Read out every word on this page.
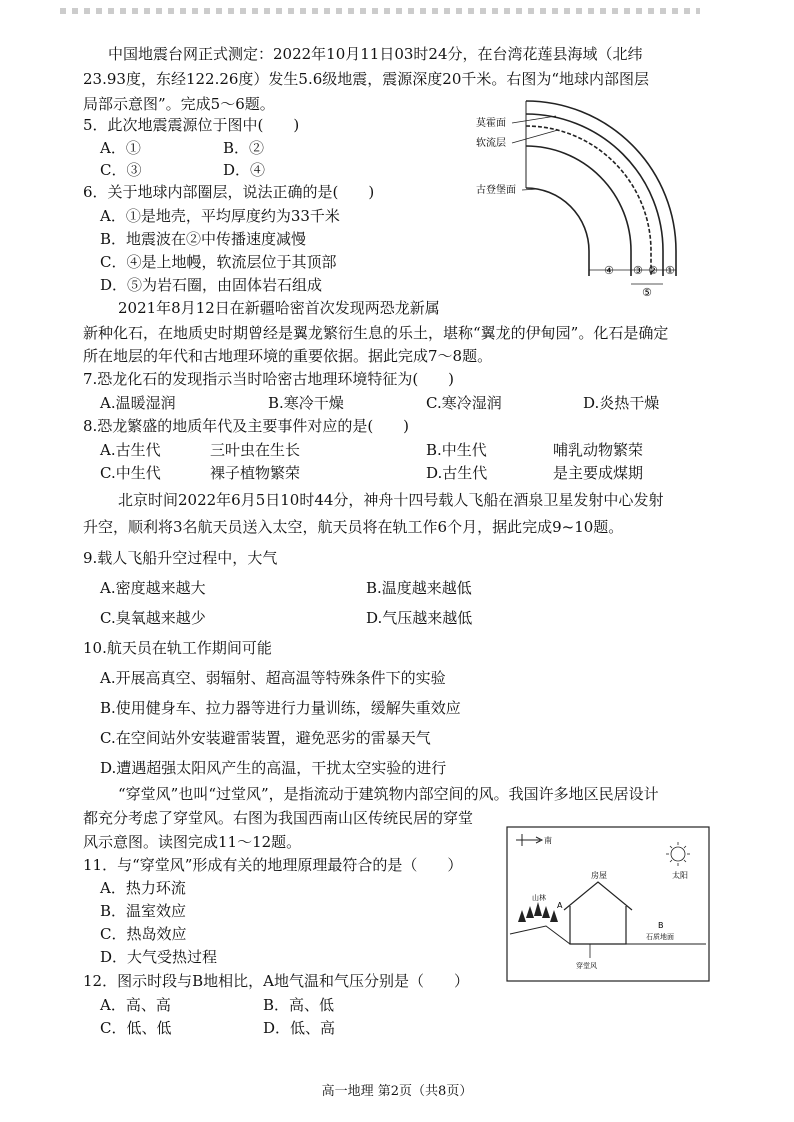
中国地震台网正式测定：2022年10月11日03时24分，在台湾花莲县海域（北纬
23.93度，东经122.26度）发生5.6级地震，震源深度20千米。右图为“地球内部图层
局部示意图”。完成5～6题。
5．此次地震震源位于图中(　　)
A．①	B．②
C．③	D．④
6．关于地球内部圈层，说法正确的是(　　)
A．①是地壳，平均厚度约为33千米
B．地震波在②中传播速度减慢
C．④是上地幔，软流层位于其顶部
D．⑤为岩石圈，由固体岩石组成
莫霍面
软流层
古登堡面
④ ③ ② ①
⑤
2021年8月12日在新疆哈密首次发现两恐龙新属
新种化石，在地质史时期曾经是翼龙繁衍生息的乐土，堪称“翼龙的伊甸园”。化石是确定
所在地层的年代和古地理环境的重要依据。据此完成7～8题。
7.恐龙化石的发现指示当时哈密古地理环境特征为(　　)
A.温暖湿润	B.寒冷干燥	C.寒冷湿润	D.炎热干燥
8.恐龙繁盛的地质年代及主要事件对应的是(　　)
A.古生代	三叶虫在生长	B.中生代	哺乳动物繁荣
C.中生代	裸子植物繁荣	D.古生代	是主要成煤期
北京时间2022年6月5日10时44分，神舟十四号载人飞船在酒泉卫星发射中心发射
升空，顺利将3名航天员送入太空，航天员将在轨工作6个月，据此完成9~10题。
9.载人飞船升空过程中，大气
A.密度越来越大	B.温度越来越低
C.臭氧越来越少	D.气压越来越低
10.航天员在轨工作期间可能
A.开展高真空、弱辐射、超高温等特殊条件下的实验
B.使用健身车、拉力器等进行力量训练，缓解失重效应
C.在空间站外安装避雷装置，避免恶劣的雷暴天气
D.遭遇超强太阳风产生的高温，干扰太空实验的进行
“穿堂风”也叫“过堂风”，是指流动于建筑物内部空间的风。我国许多地区民居设计
都充分考虑了穿堂风。右图为我国西南山区传统民居的穿堂
风示意图。读图完成11～12题。
11．与“穿堂风”形成有关的地理原理最符合的是（　　）
A．热力环流
B．温室效应
C．热岛效应
D．大气受热过程
12．图示时段与B地相比，A地气温和气压分别是（　　）
A．高、高	B．高、低
C．低、低	D．低、高
南
太阳
房屋
山林
A
B
石质地面
穿堂风
高一地理 第2页（共8页）
